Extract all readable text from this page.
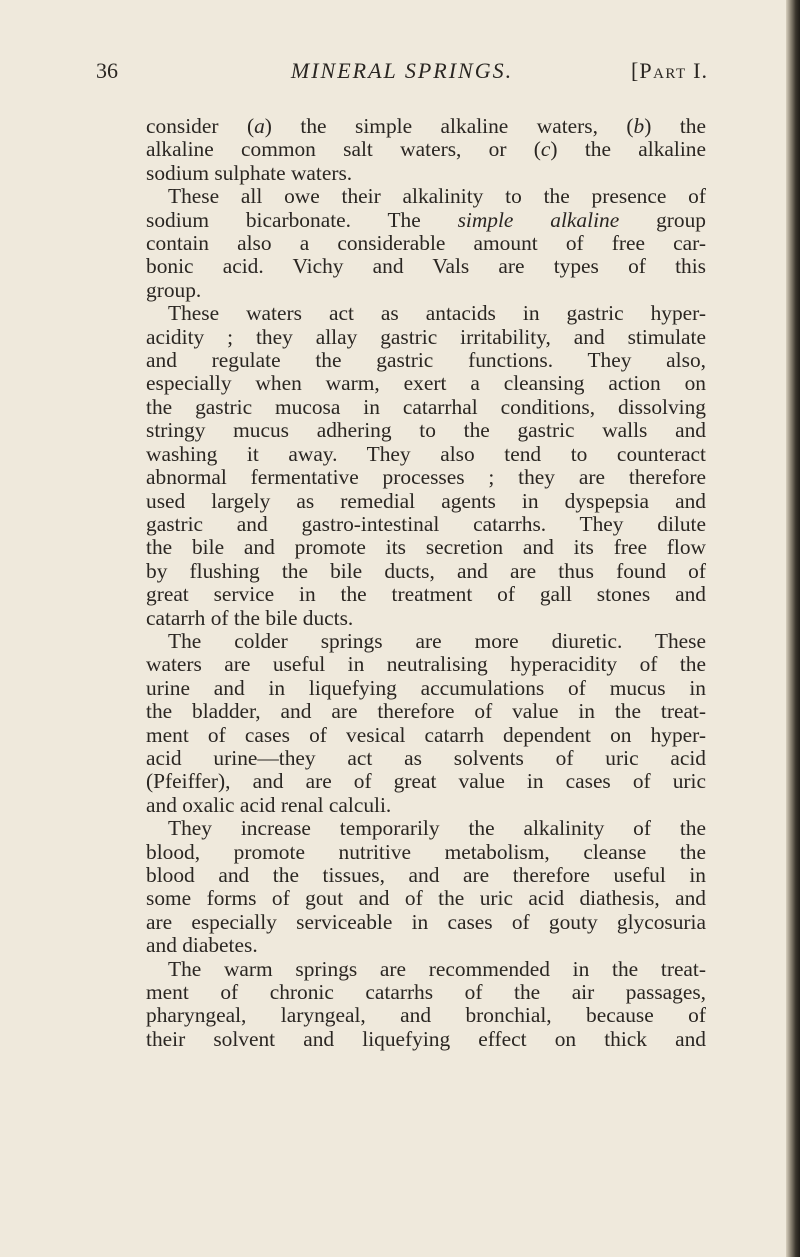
36	MINERAL SPRINGS.	[Part I.

consider (a) the simple alkaline waters, (b) the
alkaline common salt waters, or (c) the alkaline
sodium sulphate waters.

These all owe their alkalinity to the presence of
sodium bicarbonate. The simple alkaline group
contain also a considerable amount of free car-
bonic acid. Vichy and Vals are types of this
group.

These waters act as antacids in gastric hyper-
acidity ; they allay gastric irritability, and stimulate
and regulate the gastric functions. They also,
especially when warm, exert a cleansing action on
the gastric mucosa in catarrhal conditions, dissolving
stringy mucus adhering to the gastric walls and
washing it away. They also tend to counteract
abnormal fermentative processes ; they are therefore
used largely as remedial agents in dyspepsia and
gastric and gastro-intestinal catarrhs. They dilute
the bile and promote its secretion and its free flow
by flushing the bile ducts, and are thus found of
great service in the treatment of gall stones and
catarrh of the bile ducts.

The colder springs are more diuretic. These
waters are useful in neutralising hyperacidity of the
urine and in liquefying accumulations of mucus in
the bladder, and are therefore of value in the treat-
ment of cases of vesical catarrh dependent on hyper-
acid urine—they act as solvents of uric acid
(Pfeiffer), and are of great value in cases of uric
and oxalic acid renal calculi.

They increase temporarily the alkalinity of the
blood, promote nutritive metabolism, cleanse the
blood and the tissues, and are therefore useful in
some forms of gout and of the uric acid diathesis, and
are especially serviceable in cases of gouty glycosuria
and diabetes.

The warm springs are recommended in the treat-
ment of chronic catarrhs of the air passages,
pharyngeal, laryngeal, and bronchial, because of
their solvent and liquefying effect on thick and
